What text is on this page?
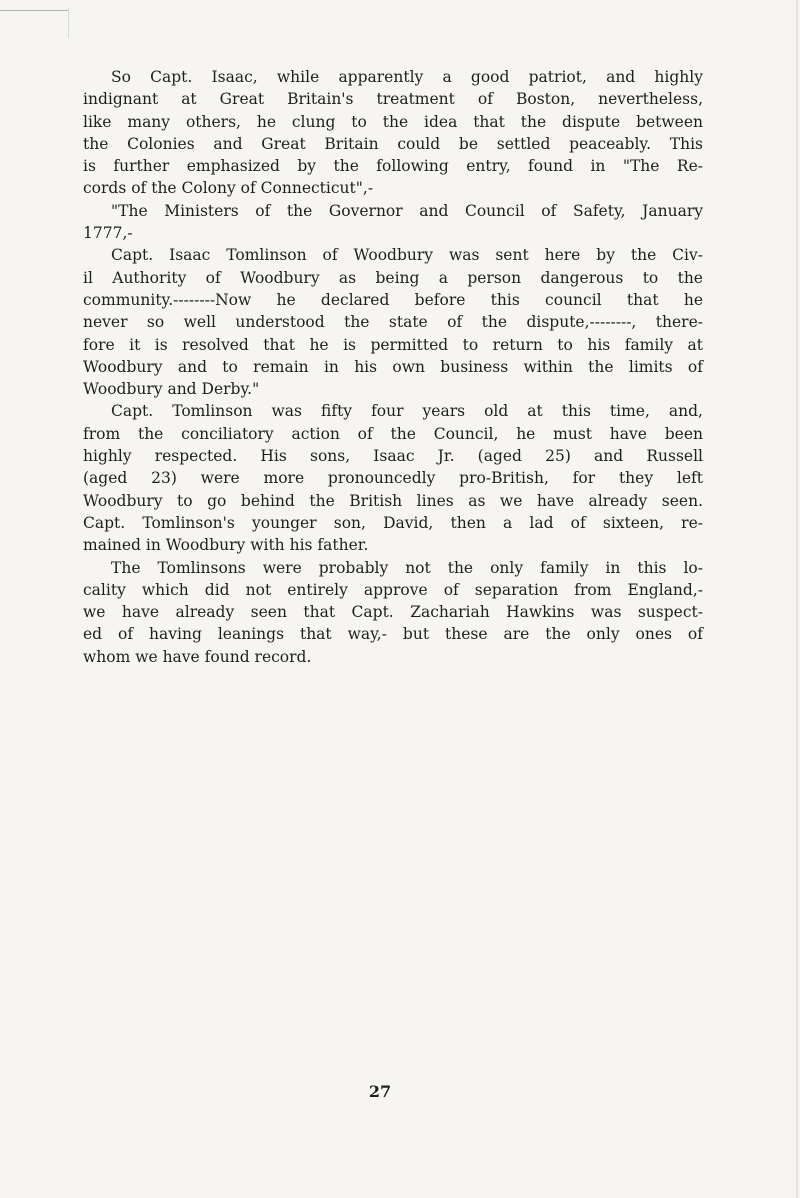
So Capt. Isaac, while apparently a good patriot, and highly
indignant at Great Britain's treatment of Boston, nevertheless,
like many others, he clung to the idea that the dispute between
the Colonies and Great Britain could be settled peaceably. This
is further emphasized by the following entry, found in "The Re-
cords of the Colony of Connecticut",-

"The Ministers of the Governor and Council of Safety, January
1777,-

Capt. Isaac Tomlinson of Woodbury was sent here by the Civ-
il Authority of Woodbury as being a person dangerous to the
community.--------Now he declared before this council that he
never so well understood the state of the dispute,--------, there-
fore it is resolved that he is permitted to return to his family at
Woodbury and to remain in his own business within the limits of
Woodbury and Derby."

Capt. Tomlinson was fifty four years old at this time, and,
from the conciliatory action of the Council, he must have been
highly respected. His sons, Isaac Jr. (aged 25) and Russell
(aged 23) were more pronouncedly pro-British, for they left
Woodbury to go behind the British lines as we have already seen.
Capt. Tomlinson's younger son, David, then a lad of sixteen, re-
mained in Woodbury with his father.

The Tomlinsons were probably not the only family in this lo-
cality which did not entirely approve of separation from England,-
we have already seen that Capt. Zachariah Hawkins was suspect-
ed of having leanings that way,- but these are the only ones of
whom we have found record.

27
